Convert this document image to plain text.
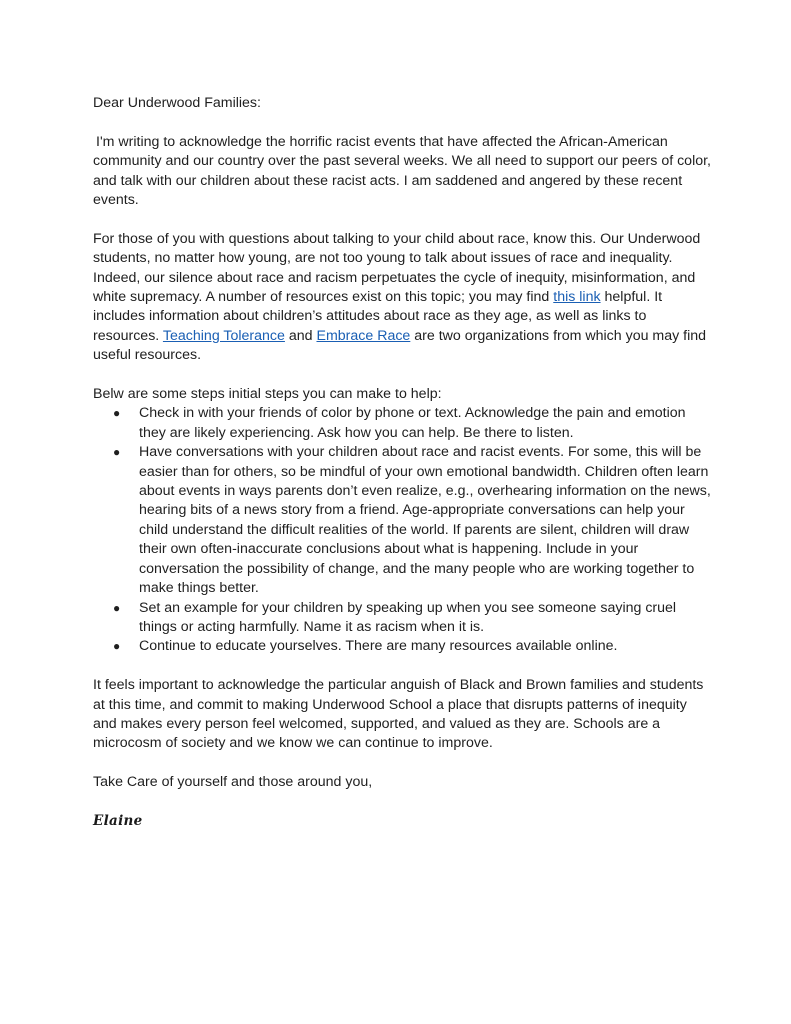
Dear Underwood Families:

I'm writing to acknowledge the horrific racist events that have affected the African-American community and our country over the past several weeks. We all need to support our peers of color, and talk with our children about these racist acts. I am saddened and angered by these recent events.

For those of you with questions about talking to your child about race, know this. Our Underwood students, no matter how young, are not too young to talk about issues of race and inequality. Indeed, our silence about race and racism perpetuates the cycle of inequity, misinformation, and white supremacy. A number of resources exist on this topic; you may find this link helpful. It includes information about children’s attitudes about race as they age, as well as links to resources. Teaching Tolerance and Embrace Race are two organizations from which you may find useful resources.

Belw are some steps initial steps you can make to help:

● Check in with your friends of color by phone or text. Acknowledge the pain and emotion they are likely experiencing. Ask how you can help. Be there to listen.
● Have conversations with your children about race and racist events. For some, this will be easier than for others, so be mindful of your own emotional bandwidth. Children often learn about events in ways parents don’t even realize, e.g., overhearing information on the news, hearing bits of a news story from a friend. Age-appropriate conversations can help your child understand the difficult realities of the world. If parents are silent, children will draw their own often-inaccurate conclusions about what is happening. Include in your conversation the possibility of change, and the many people who are working together to make things better.
● Set an example for your children by speaking up when you see someone saying cruel things or acting harmfully. Name it as racism when it is.
● Continue to educate yourselves. There are many resources available online.

It feels important to acknowledge the particular anguish of Black and Brown families and students at this time, and commit to making Underwood School a place that disrupts patterns of inequity and makes every person feel welcomed, supported, and valued as they are. Schools are a microcosm of society and we know we can continue to improve.

Take Care of yourself and those around you,

Elaine
